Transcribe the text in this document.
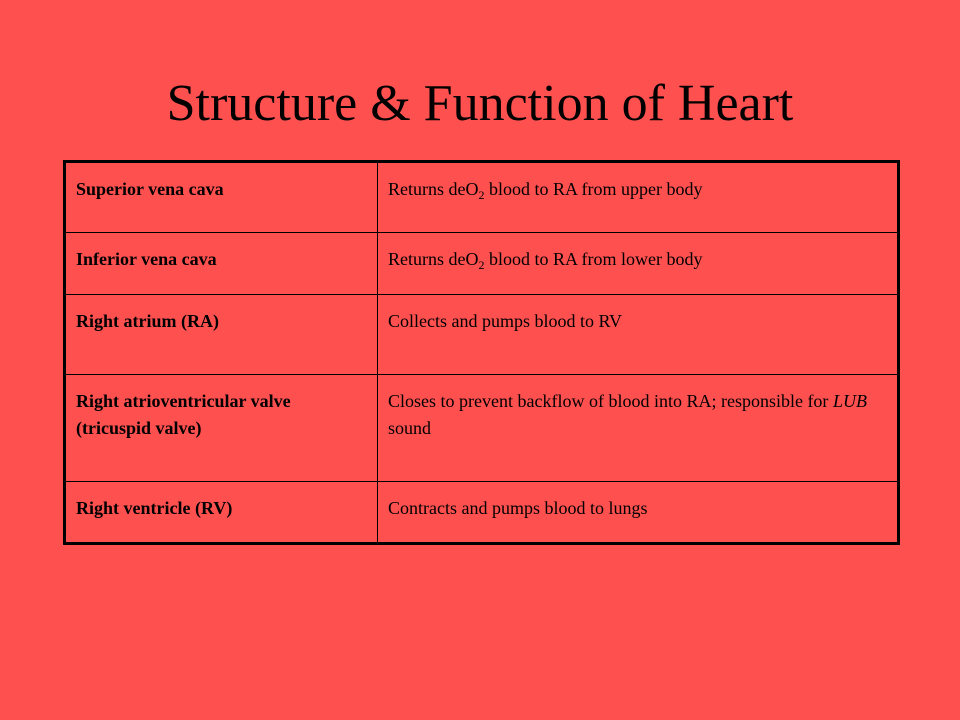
Structure & Function of Heart
Superior vena cava	Returns deO$_2$ blood to RA from upper body
Inferior vena cava	Returns deO$_2$ blood to RA from lower body
Right atrium (RA)	Collects and pumps blood to RV
Right atrioventricular valve (tricuspid valve)	Closes to prevent backflow of blood into RA; responsible for LUB sound
Right ventricle (RV)	Contracts and pumps blood to lungs
